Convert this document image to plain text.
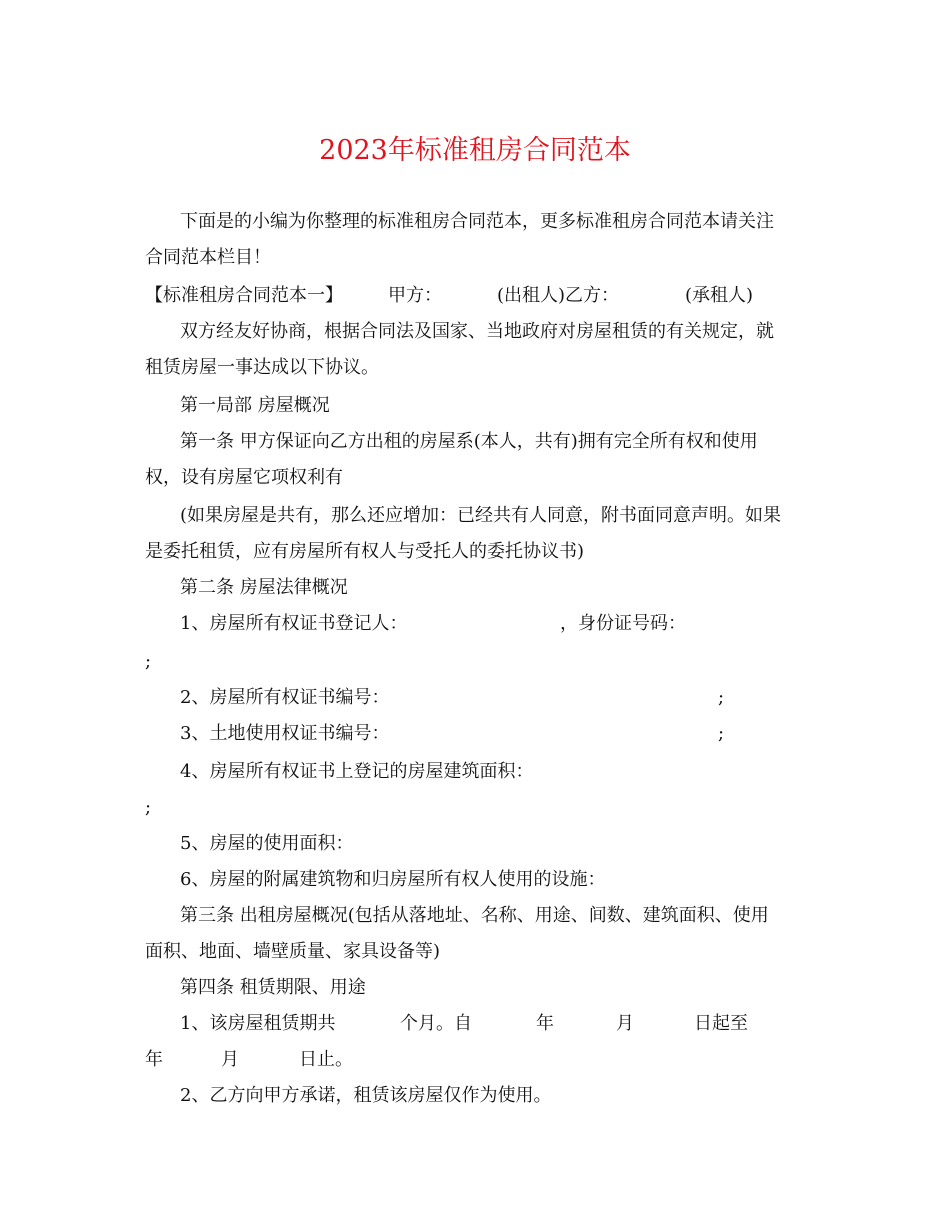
2023年标准租房合同范本
下面是的小编为你整理的标准租房合同范本，更多标准租房合同范本请关注
合同范本栏目！
【标准租房合同范本一】	甲方：	(出租人)乙方：	(承租人)
双方经友好协商，根据合同法及国家、当地政府对房屋租赁的有关规定，就
租赁房屋一事达成以下协议。
第一局部 房屋概况
第一条 甲方保证向乙方出租的房屋系(本人，共有)拥有完全所有权和使用
权，设有房屋它项权利有
(如果房屋是共有，那么还应增加：已经共有人同意，附书面同意声明。如果
是委托租赁，应有房屋所有权人与受托人的委托协议书)
第二条 房屋法律概况
1、房屋所有权证书登记人：	，身份证号码：
;
2、房屋所有权证书编号：	;
3、土地使用权证书编号：	;
4、房屋所有权证书上登记的房屋建筑面积：
;
5、房屋的使用面积：
6、房屋的附属建筑物和归房屋所有权人使用的设施：
第三条 出租房屋概况(包括从落地址、名称、用途、间数、建筑面积、使用
面积、地面、墙壁质量、家具设备等)
第四条 租赁期限、用途
1、该房屋租赁期共	个月。自	年	月	日起至
年	月	日止。
2、乙方向甲方承诺，租赁该房屋仅作为使用。
